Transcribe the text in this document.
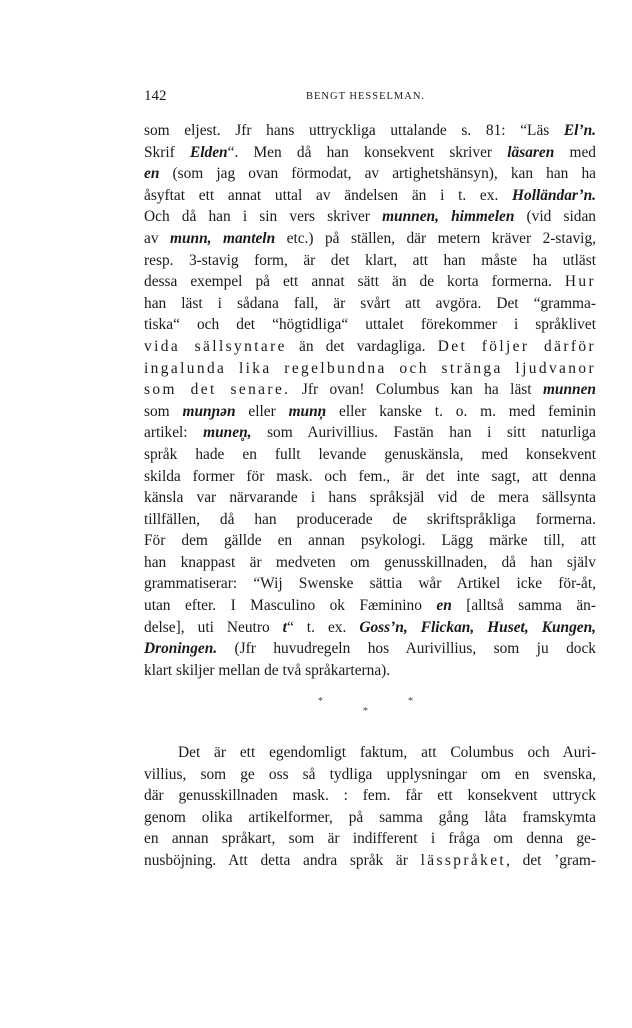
142	BENGT HESSELMAN.
som eljest. Jfr hans uttryckliga uttalande s. 81: “Läs El’n.
Skrif Elden“. Men då han konsekvent skriver läsaren med
en (som jag ovan förmodat, av artighetshänsyn), kan han ha
åsyftat ett annat uttal av ändelsen än i t. ex. Holländar’n.
Och då han i sin vers skriver munnen, himmelen (vid sidan
av munn, manteln etc.) på ställen, där metern kräver 2-stavig,
resp. 3-stavig form, är det klart, att han måste ha utläst
dessa exempel på ett annat sätt än de korta formerna. Hur
han läst i sådana fall, är svårt att avgöra. Det “gramma-
tiska“ och det “högtidliga“ uttalet förekommer i språklivet
vida sällsyntare än det vardagliga. Det följer därför
ingalunda lika regelbundna och stränga ljudvanor
som det senare. Jfr ovan! Columbus kan ha läst munnen
som munɲən eller munņ eller kanske t. o. m. med feminin
artikel: munen̥, som Aurivillius. Fastän han i sitt naturliga
språk hade en fullt levande genuskänsla, med konsekvent
skilda former för mask. och fem., är det inte sagt, att denna
känsla var närvarande i hans språksjäl vid de mera sällsynta
tillfällen, då han producerade de skriftspråkliga formerna.
För dem gällde en annan psykologi. Lägg märke till, att
han knappast är medveten om genusskillnaden, då han själv
grammatiserar: “Wij Swenske sättia wår Artikel icke för-åt,
utan efter. I Masculino ok Fæminino en [alltså samma än-
delse], uti Neutro t“ t. ex. Goss’n, Flickan, Huset, Kungen,
Droningen. (Jfr huvudregeln hos Aurivillius, som ju dock
klart skiljer mellan de två språkarterna).
*	*
*
Det är ett egendomligt faktum, att Columbus och Auri-
villius, som ge oss så tydliga upplysningar om en svenska,
där genusskillnaden mask. : fem. får ett konsekvent uttryck
genom olika artikelformer, på samma gång låta framskymta
en annan språkart, som är indifferent i fråga om denna ge-
nusböjning. Att detta andra språk är lässpråket, det ’gram-
